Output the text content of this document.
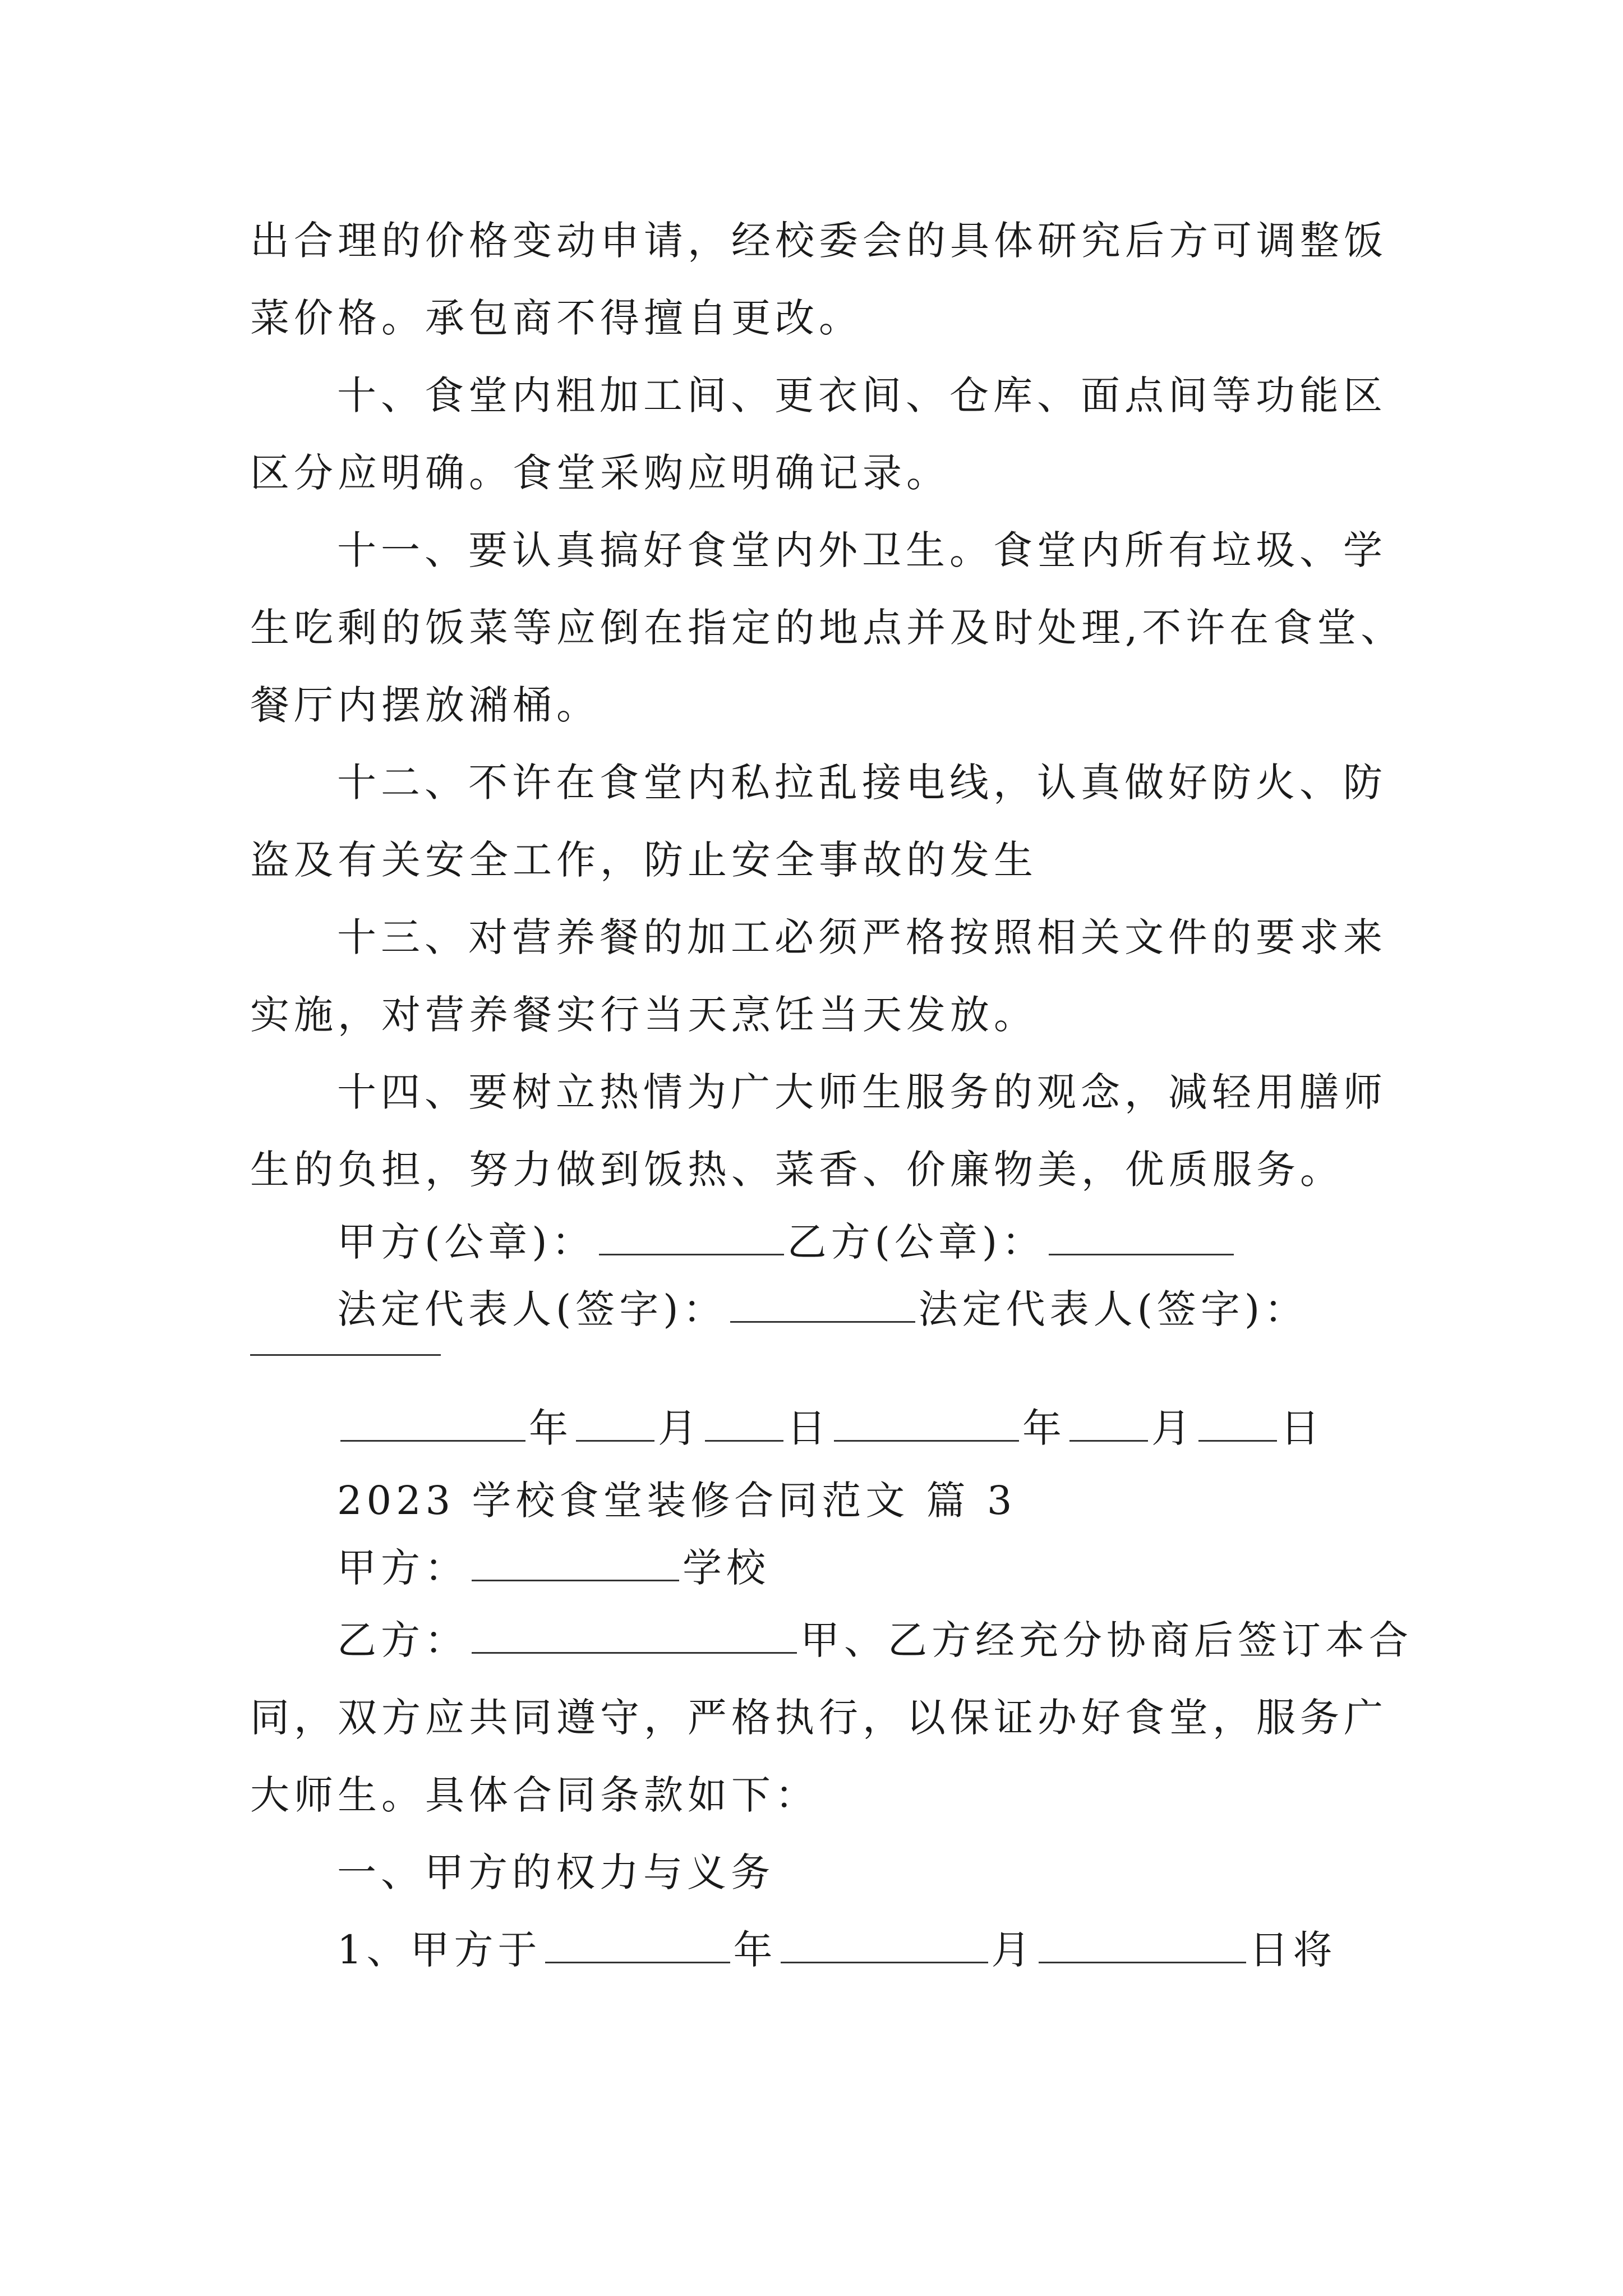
出合理的价格变动申请，经校委会的具体研究后方可调整饭
菜价格。承包商不得擅自更改。
十、食堂内粗加工间、更衣间、仓库、面点间等功能区
区分应明确。食堂采购应明确记录。
十一、要认真搞好食堂内外卫生。食堂内所有垃圾、学
生吃剩的饭菜等应倒在指定的地点并及时处理,不许在食堂、
餐厅内摆放潲桶。
十二、不许在食堂内私拉乱接电线，认真做好防火、防
盗及有关安全工作，防止安全事故的发生
十三、对营养餐的加工必须严格按照相关文件的要求来
实施，对营养餐实行当天烹饪当天发放。
十四、要树立热情为广大师生服务的观念，减轻用膳师
生的负担，努力做到饭热、菜香、价廉物美，优质服务。
甲方(公章)：	乙方(公章)：
法定代表人(签字)：	法定代表人(签字)：
年 月 日	年 月 日
2023 学校食堂装修合同范文 篇 3
甲方：	学校
乙方：	甲、乙方经充分协商后签订本合
同，双方应共同遵守，严格执行，以保证办好食堂，服务广
大师生。具体合同条款如下：
一、甲方的权力与义务
1、甲方于	年	月	日将
